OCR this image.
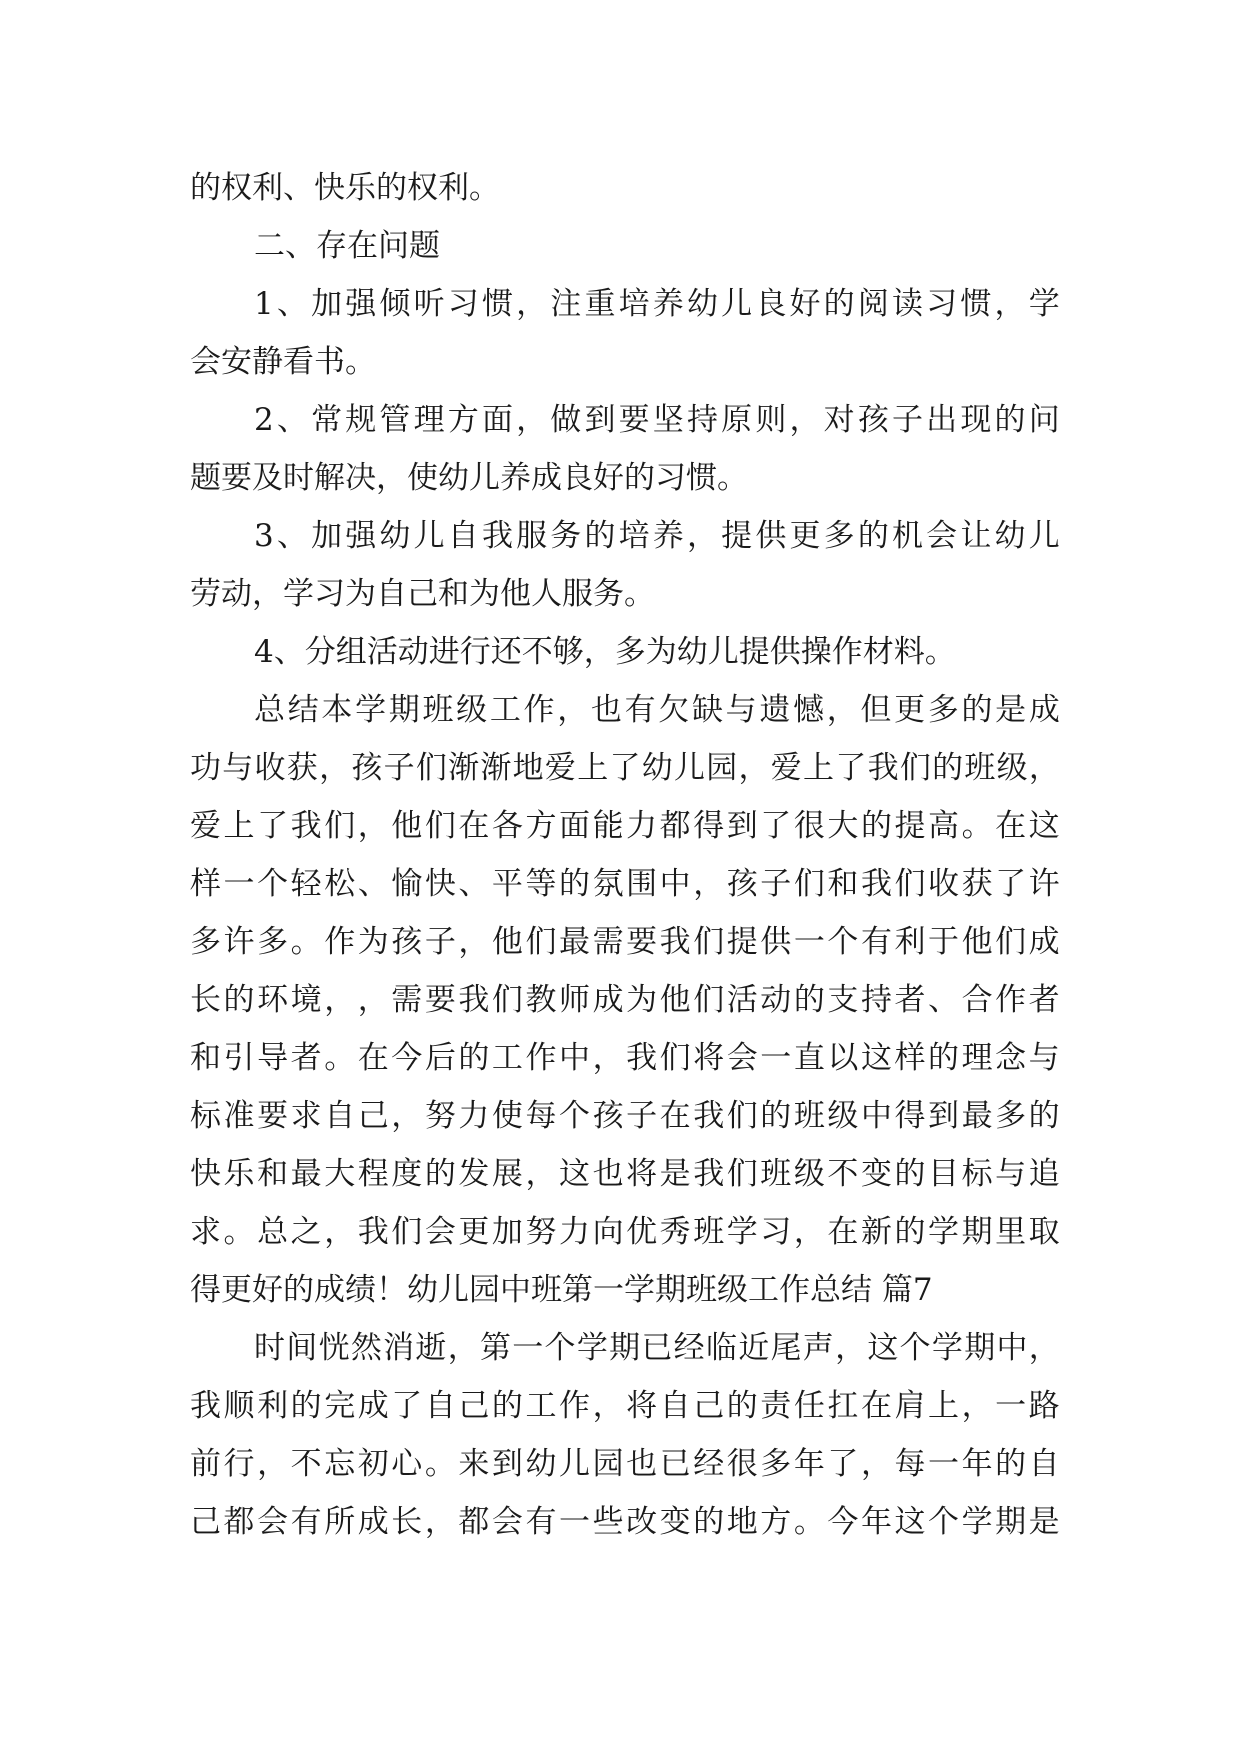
的权利、快乐的权利。
二、存在问题
1 、 加 强 倾 听 习 惯 ， 注 重 培 养 幼 儿 良 好 的 阅 读 习 惯 ， 学
会安静看书。
2 、 常 规 管 理 方 面 ， 做 到 要 坚 持 原 则 ， 对 孩 子 出 现 的 问
题要及时解决，使幼儿养成良好的习惯。
3 、 加 强 幼 儿 自 我 服 务 的 培 养 ， 提 供 更 多 的 机 会 让 幼 儿
劳动，学习为自己和为他人服务。
4、分组活动进行还不够，多为幼儿提供操作材料。
总 结 本 学 期 班 级 工 作 ， 也 有 欠 缺 与 遗 憾 ， 但 更 多 的 是 成
功 与 收 获 ， 孩 子 们 渐 渐 地 爱 上 了 幼 儿 园 ， 爱 上 了 我 们 的 班 级 ，
爱 上 了 我 们 ， 他 们 在 各 方 面 能 力 都 得 到 了 很 大 的 提 高 。 在 这
样 一 个 轻 松 、 愉 快 、 平 等 的 氛 围 中 ， 孩 子 们 和 我 们 收 获 了 许
多 许 多 。 作 为 孩 子 ， 他 们 最 需 要 我 们 提 供 一 个 有 利 于 他 们 成
长 的 环 境 ， ， 需 要 我 们 教 师 成 为 他 们 活 动 的 支 持 者 、 合 作 者
和 引 导 者 。 在 今 后 的 工 作 中 ， 我 们 将 会 一 直 以 这 样 的 理 念 与
标 准 要 求 自 己 ， 努 力 使 每 个 孩 子 在 我 们 的 班 级 中 得 到 最 多 的
快 乐 和 最 大 程 度 的 发 展 ， 这 也 将 是 我 们 班 级 不 变 的 目 标 与 追
求 。 总 之 ， 我 们 会 更 加 努 力 向 优 秀 班 学 习 ， 在 新 的 学 期 里 取
得更好的成绩！幼儿园中班第一学期班级工作总结 篇7
时 间 恍 然 消 逝 ， 第 一 个 学 期 已 经 临 近 尾 声 ， 这 个 学 期 中 ，
我 顺 利 的 完 成 了 自 己 的 工 作 ， 将 自 己 的 责 任 扛 在 肩 上 ， 一 路
前 行 ， 不 忘 初 心 。 来 到 幼 儿 园 也 已 经 很 多 年 了 ， 每 一 年 的 自
己 都 会 有 所 成 长 ， 都 会 有 一 些 改 变 的 地 方 。 今 年 这 个 学 期 是
